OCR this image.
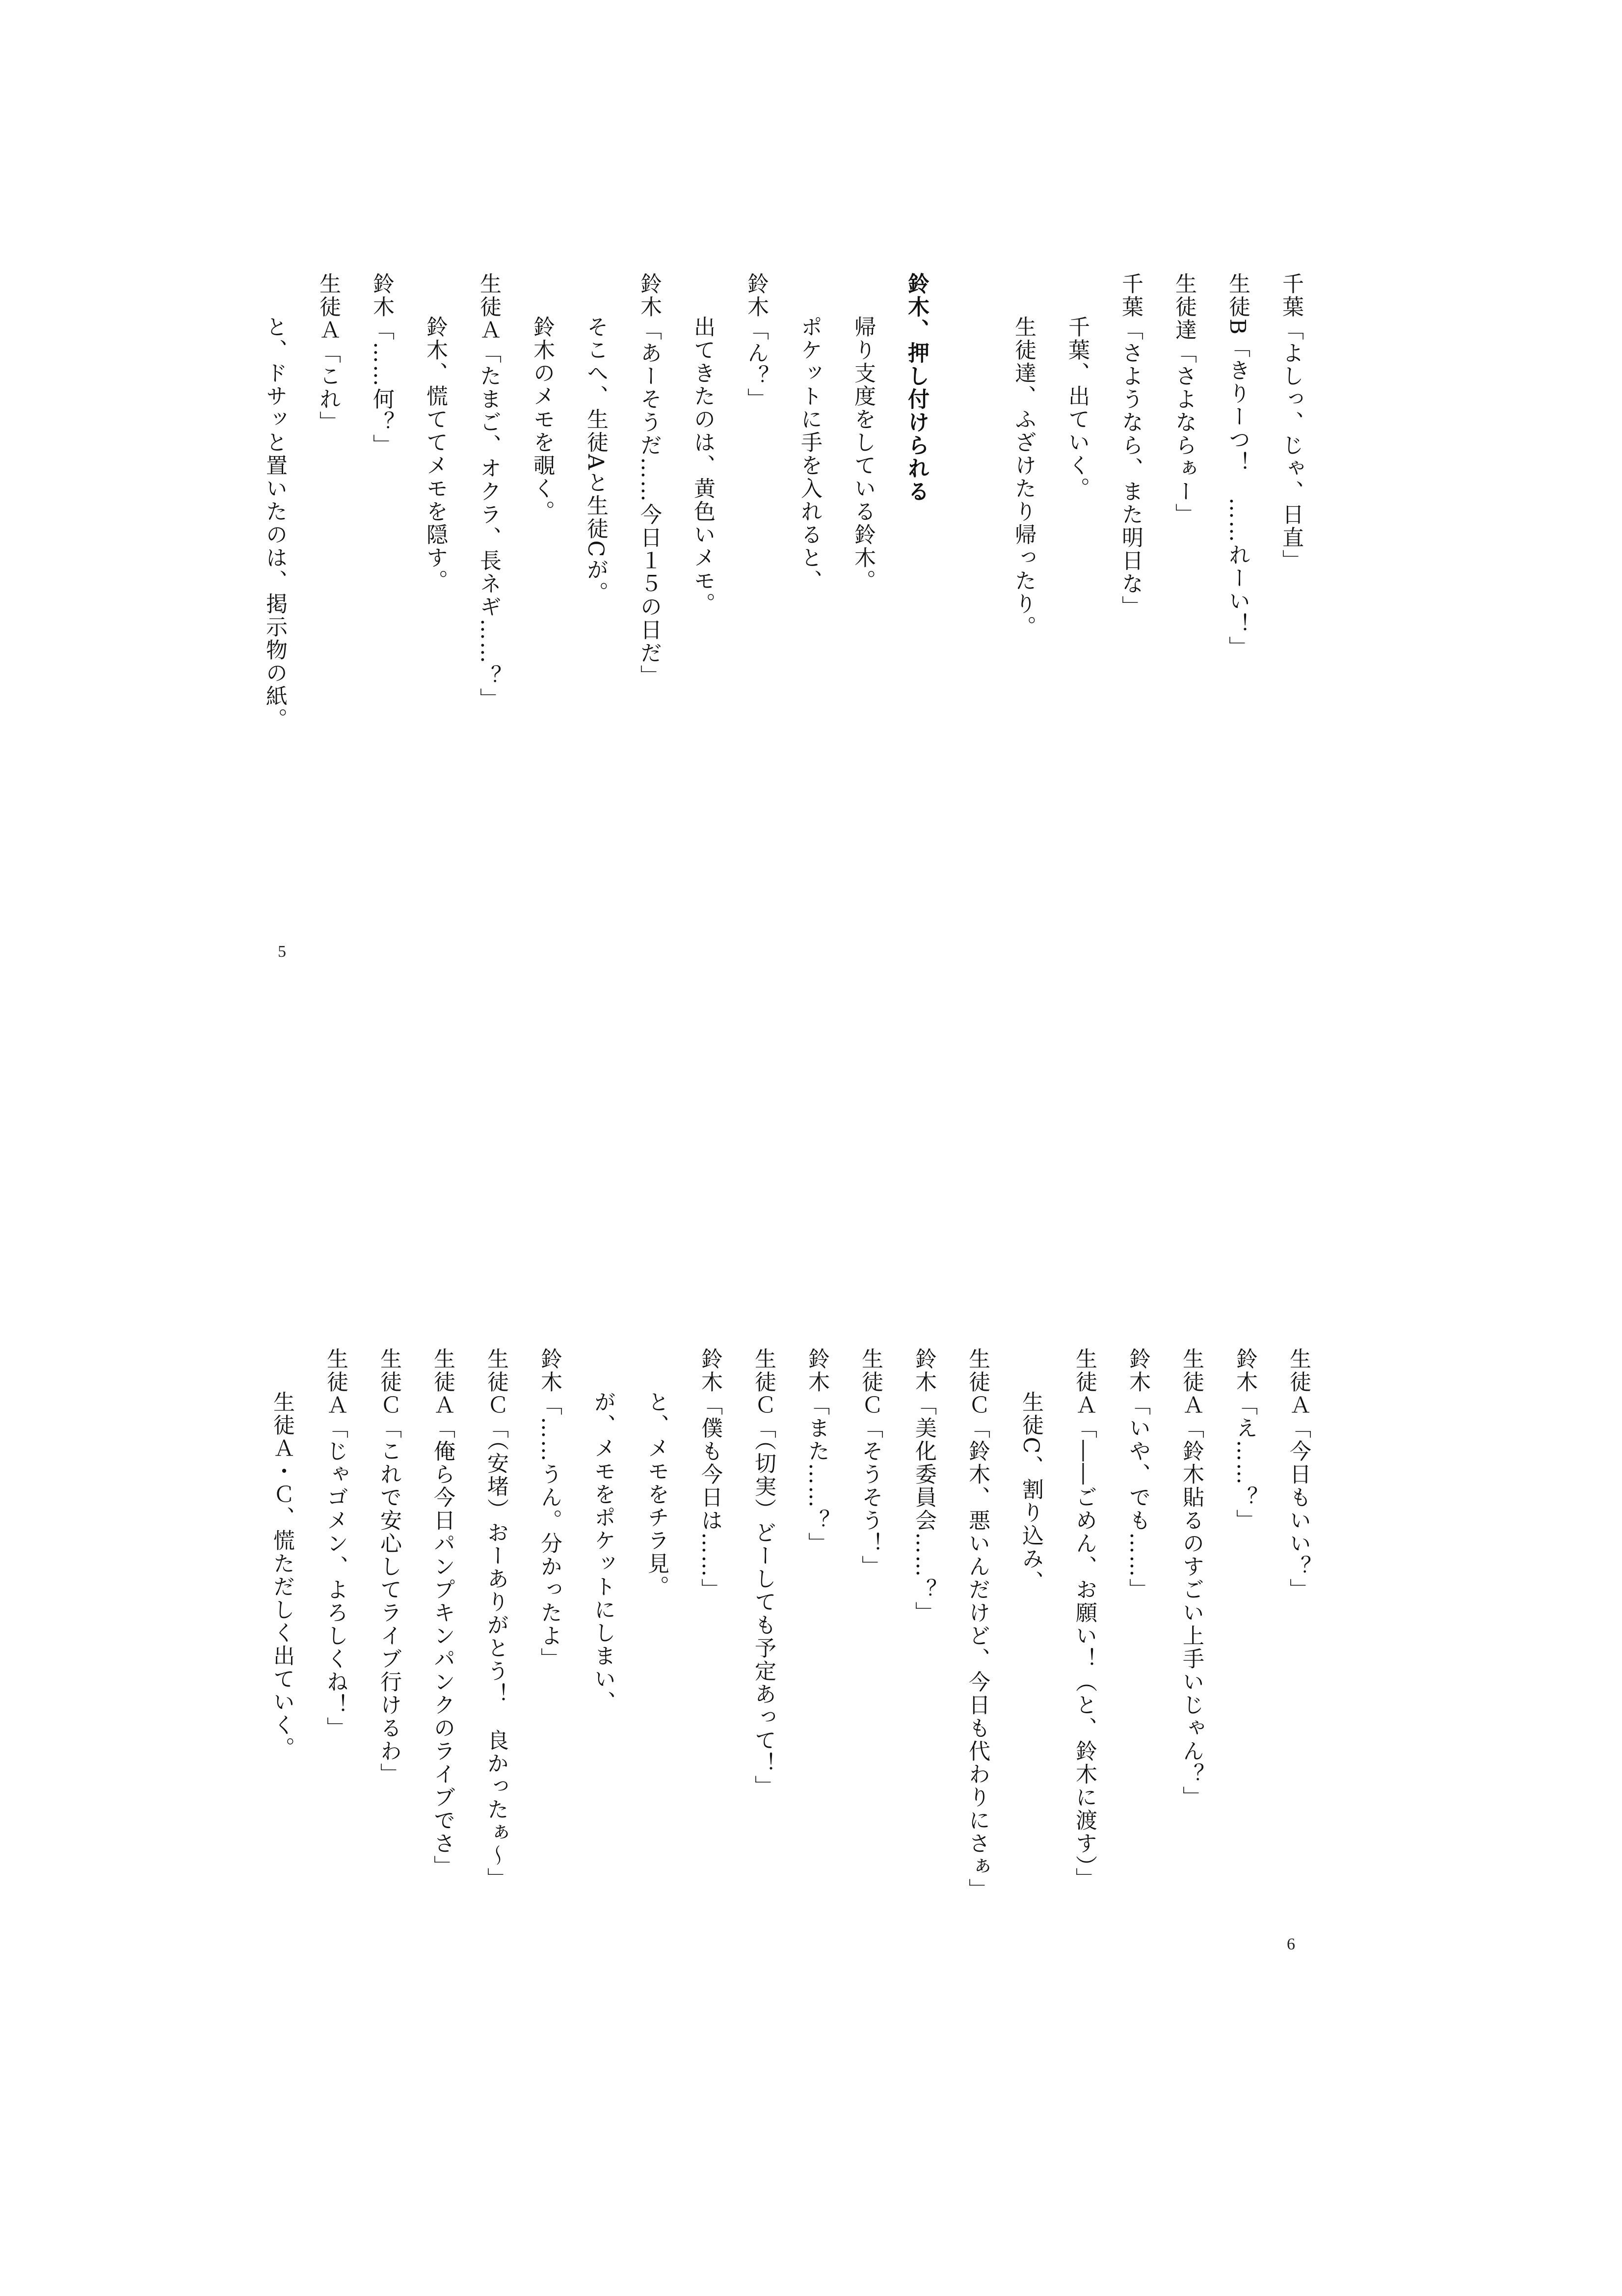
千葉「よしっ、じゃ、日直」
生徒B「きりーつ！　……れーい！」
生徒達「さよならぁー」
千葉「さようなら、また明日な」
千葉、出ていく。
生徒達、ふざけたり帰ったり。
鈴木、押し付けられる
帰り支度をしている鈴木。
ポケットに手を入れると、
鈴木「ん？」
出てきたのは、黄色いメモ。
鈴木「あーそうだ……今日１５の日だ」
そこへ、生徒Aと生徒Cが。
鈴木のメモを覗く。
生徒Ａ「たまご、オクラ、長ネギ……？」
鈴木、慌ててメモを隠す。
鈴木「……何？」
生徒Ａ「これ」
と、ドサッと置いたのは、掲示物の紙。
5
生徒Ａ「今日もいい？」
鈴木「え……？」
生徒Ａ「鈴木貼るのすごい上手いじゃん？」
鈴木「いや、でも……」
生徒Ａ「――ごめん、お願い！（と、鈴木に渡す）」
生徒C、割り込み、
生徒Ｃ「鈴木、悪いんだけど、今日も代わりにさぁ」
鈴木「美化委員会……？」
生徒Ｃ「そうそう！」
鈴木「また……？」
生徒Ｃ「（切実）どーしても予定あって！」
鈴木「僕も今日は……」
と、メモをチラ見。
が、メモをポケットにしまい、
鈴木「……うん。分かったよ」
生徒Ｃ「（安堵）おーありがとう！　良かったぁ〜」
生徒Ａ「俺ら今日パンプキンパンクのライブでさ」
生徒Ｃ「これで安心してライブ行けるわ」
生徒Ａ「じゃゴメン、よろしくね！」
生徒Ａ・Ｃ、慌ただしく出ていく。
6
